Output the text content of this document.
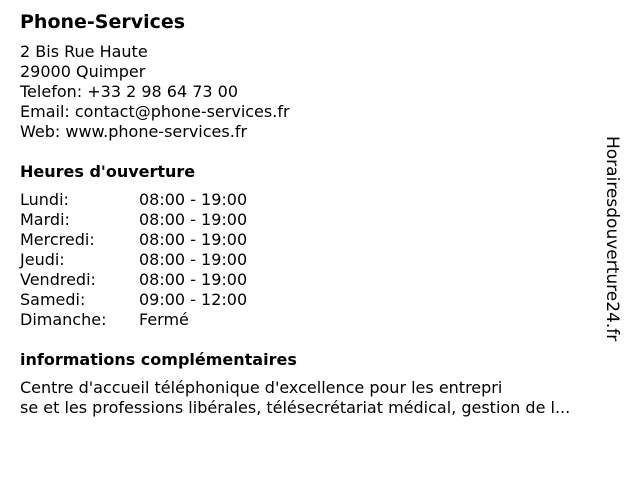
Phone-Services
2 Bis Rue Haute
29000 Quimper
Telefon: +33 2 98 64 73 00
Email: contact@phone-services.fr
Web: www.phone-services.fr
Heures d'ouverture
Lundi:	08:00 - 19:00
Mardi:	08:00 - 19:00
Mercredi:	08:00 - 19:00
Jeudi:	08:00 - 19:00
Vendredi:	08:00 - 19:00
Samedi:	09:00 - 12:00
Dimanche:	Fermé
informations complémentaires
Centre d'accueil téléphonique d'excellence pour les entrepri
se et les professions libérales, télésecrétariat médical, gestion de l...
Horairesdouverture24.fr
